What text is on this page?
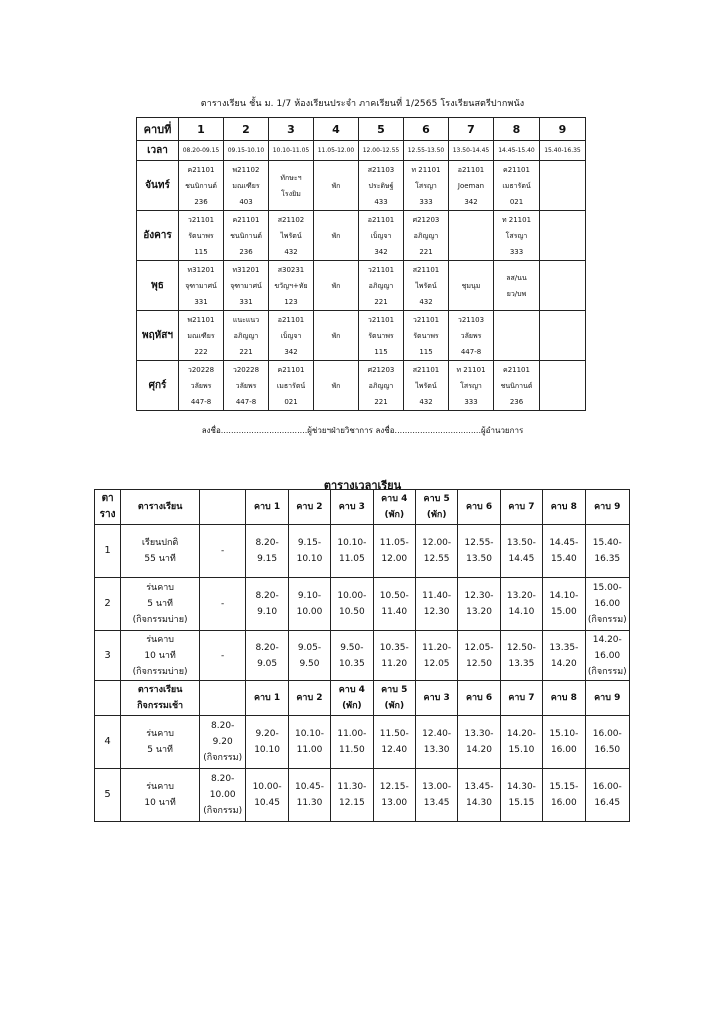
ตารางเรียน ชั้น ม. 1/7 ห้องเรียนประจำ ภาคเรียนที่ 1/2565 โรงเรียนสตรีปากพนัง
คาบที่	1	2	3	4	5	6	7	8	9
เวลา	08.20-09.15	09.15-10.10	10.10-11.05	11.05-12.00	12.00-12.55	12.55-13.50	13.50-14.45	14.45-15.40	15.40-16.35
จันทร์	ค21101
ชนนิกานต์
236	พ21102
มณเฑียร
403	ทักษะฯ
โรงยิม	พัก	ส21103
ประดิษฐ์
433	ท 21101
โสรญา
333	อ21101
Joeman
342	ค21101
เมธารัตน์
021	

อังคาร	ว21101
รัตนาพร
115	ค21101
ชนนิกานต์
236	ส21102
ไพรัตน์
432	พัก	อ21101
เบ็ญจา
342	ศ21203
อภิญญา
221		ท 21101
โสรญา
333	

พุธ	ท31201
จุฑามาศน์
331	ท31201
จุฑามาศน์
331	ส30231
ขวัญฯ+ทัย
123	พัก	ว21101
อภิญญา
221	ส21101
ไพรัตน์
432	ชุมนุม	ลส/นน
ยว/บพ	

พฤหัสฯ	พ21101
มณเฑียร
222	แนะแนว
อภิญญา
221	อ21101
เบ็ญจา
342	พัก	ว21101
รัตนาพร
115	ว21101
รัตนาพร
115	ว21103
วลัยพร
447-8		

ศุกร์	ว20228
วลัยพร
447-8	ว20228
วลัยพร
447-8	ค21101
เมธารัตน์
021	พัก	ศ21203
อภิญญา
221	ส21101
ไพรัตน์
432	ท 21101
โสรญา
333	ค21101
ชนนิกานต์
236	

ลงชื่อ..................................ผู้ช่วยฯฝ่ายวิชาการ ลงชื่อ..................................ผู้อำนวยการ
ตารางเวลาเรียน
ตา
ราง	ตารางเรียน		คาบ 1	คาบ 2	คาบ 3	คาบ 4
(พัก)	คาบ 5
(พัก)	คาบ 6	คาบ 7	คาบ 8	คาบ 9

1	เรียนปกติ
55 นาที	-	8.20-
9.15	9.15-
10.10	10.10-
11.05	11.05-
12.00	12.00-
12.55	12.55-
13.50	13.50-
14.45	14.45-
15.40	15.40-
16.35

2	ร่นคาบ
5 นาที
(กิจกรรมบ่าย)	-	8.20-
9.10	9.10-
10.00	10.00-
10.50	10.50-
11.40	11.40-
12.30	12.30-
13.20	13.20-
14.10	14.10-
15.00	15.00-
16.00
(กิจกรรม)

3	ร่นคาบ
10 นาที
(กิจกรรมบ่าย)	-	8.20-
9.05	9.05-
9.50	9.50-
10.35	10.35-
11.20	11.20-
12.05	12.05-
12.50	12.50-
13.35	13.35-
14.20	14.20-
16.00
(กิจกรรม)

	ตารางเรียน
กิจกรรมเช้า		คาบ 1	คาบ 2	คาบ 4
(พัก)	คาบ 5
(พัก)	คาบ 3	คาบ 6	คาบ 7	คาบ 8	คาบ 9

4	ร่นคาบ
5 นาที	8.20-
9.20
(กิจกรรม)	9.20-
10.10	10.10-
11.00	11.00-
11.50	11.50-
12.40	12.40-
13.30	13.30-
14.20	14.20-
15.10	15.10-
16.00	16.00-
16.50

5	ร่นคาบ
10 นาที	8.20-
10.00
(กิจกรรม)	10.00-
10.45	10.45-
11.30	11.30-
12.15	12.15-
13.00	13.00-
13.45	13.45-
14.30	14.30-
15.15	15.15-
16.00	16.00-
16.45
